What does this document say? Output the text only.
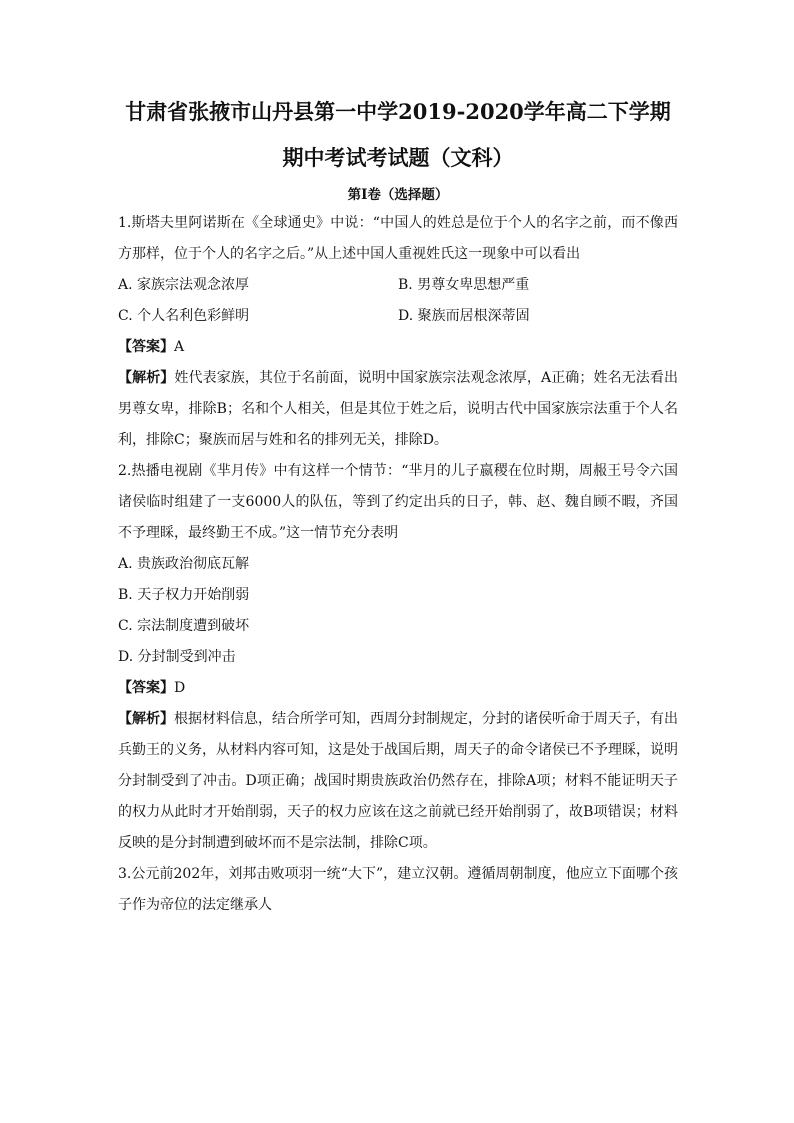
甘肃省张掖市山丹县第一中学2019-2020学年高二下学期
期中考试考试题（文科）
第I卷（选择题）

1.斯塔夫里阿诺斯在《全球通史》中说：“中国人的姓总是位于个人的名字之前，而不像西方那样，位于个人的名字之后。”从上述中国人重视姓氏这一现象中可以看出

A. 家族宗法观念浓厚	B. 男尊女卑思想严重
C. 个人名利色彩鲜明	D. 聚族而居根深蒂固

【答案】A

【解析】姓代表家族，其位于名前面，说明中国家族宗法观念浓厚，A正确；姓名无法看出男尊女卑，排除B；名和个人相关，但是其位于姓之后，说明古代中国家族宗法重于个人名利，排除C；聚族而居与姓和名的排列无关，排除D。

2.热播电视剧《芈月传》中有这样一个情节：“芈月的儿子嬴稷在位时期，周赧王号令六国诸侯临时组建了一支6000人的队伍，等到了约定出兵的日子，韩、赵、魏自顾不暇，齐国不予理睬，最终勤王不成。”这一情节充分表明

A. 贵族政治彻底瓦解
B. 天子权力开始削弱
C. 宗法制度遭到破坏
D. 分封制受到冲击

【答案】D

【解析】根据材料信息，结合所学可知，西周分封制规定，分封的诸侯听命于周天子，有出兵勤王的义务，从材料内容可知，这是处于战国后期，周天子的命令诸侯已不予理睬，说明分封制受到了冲击。D项正确；战国时期贵族政治仍然存在，排除A项；材料不能证明天子的权力从此时才开始削弱，天子的权力应该在这之前就已经开始削弱了，故B项错误；材料反映的是分封制遭到破坏而不是宗法制，排除C项。

3.公元前202年，刘邦击败项羽一统“大下”，建立汉朝。遵循周朝制度，他应立下面哪个孩子作为帝位的法定继承人
